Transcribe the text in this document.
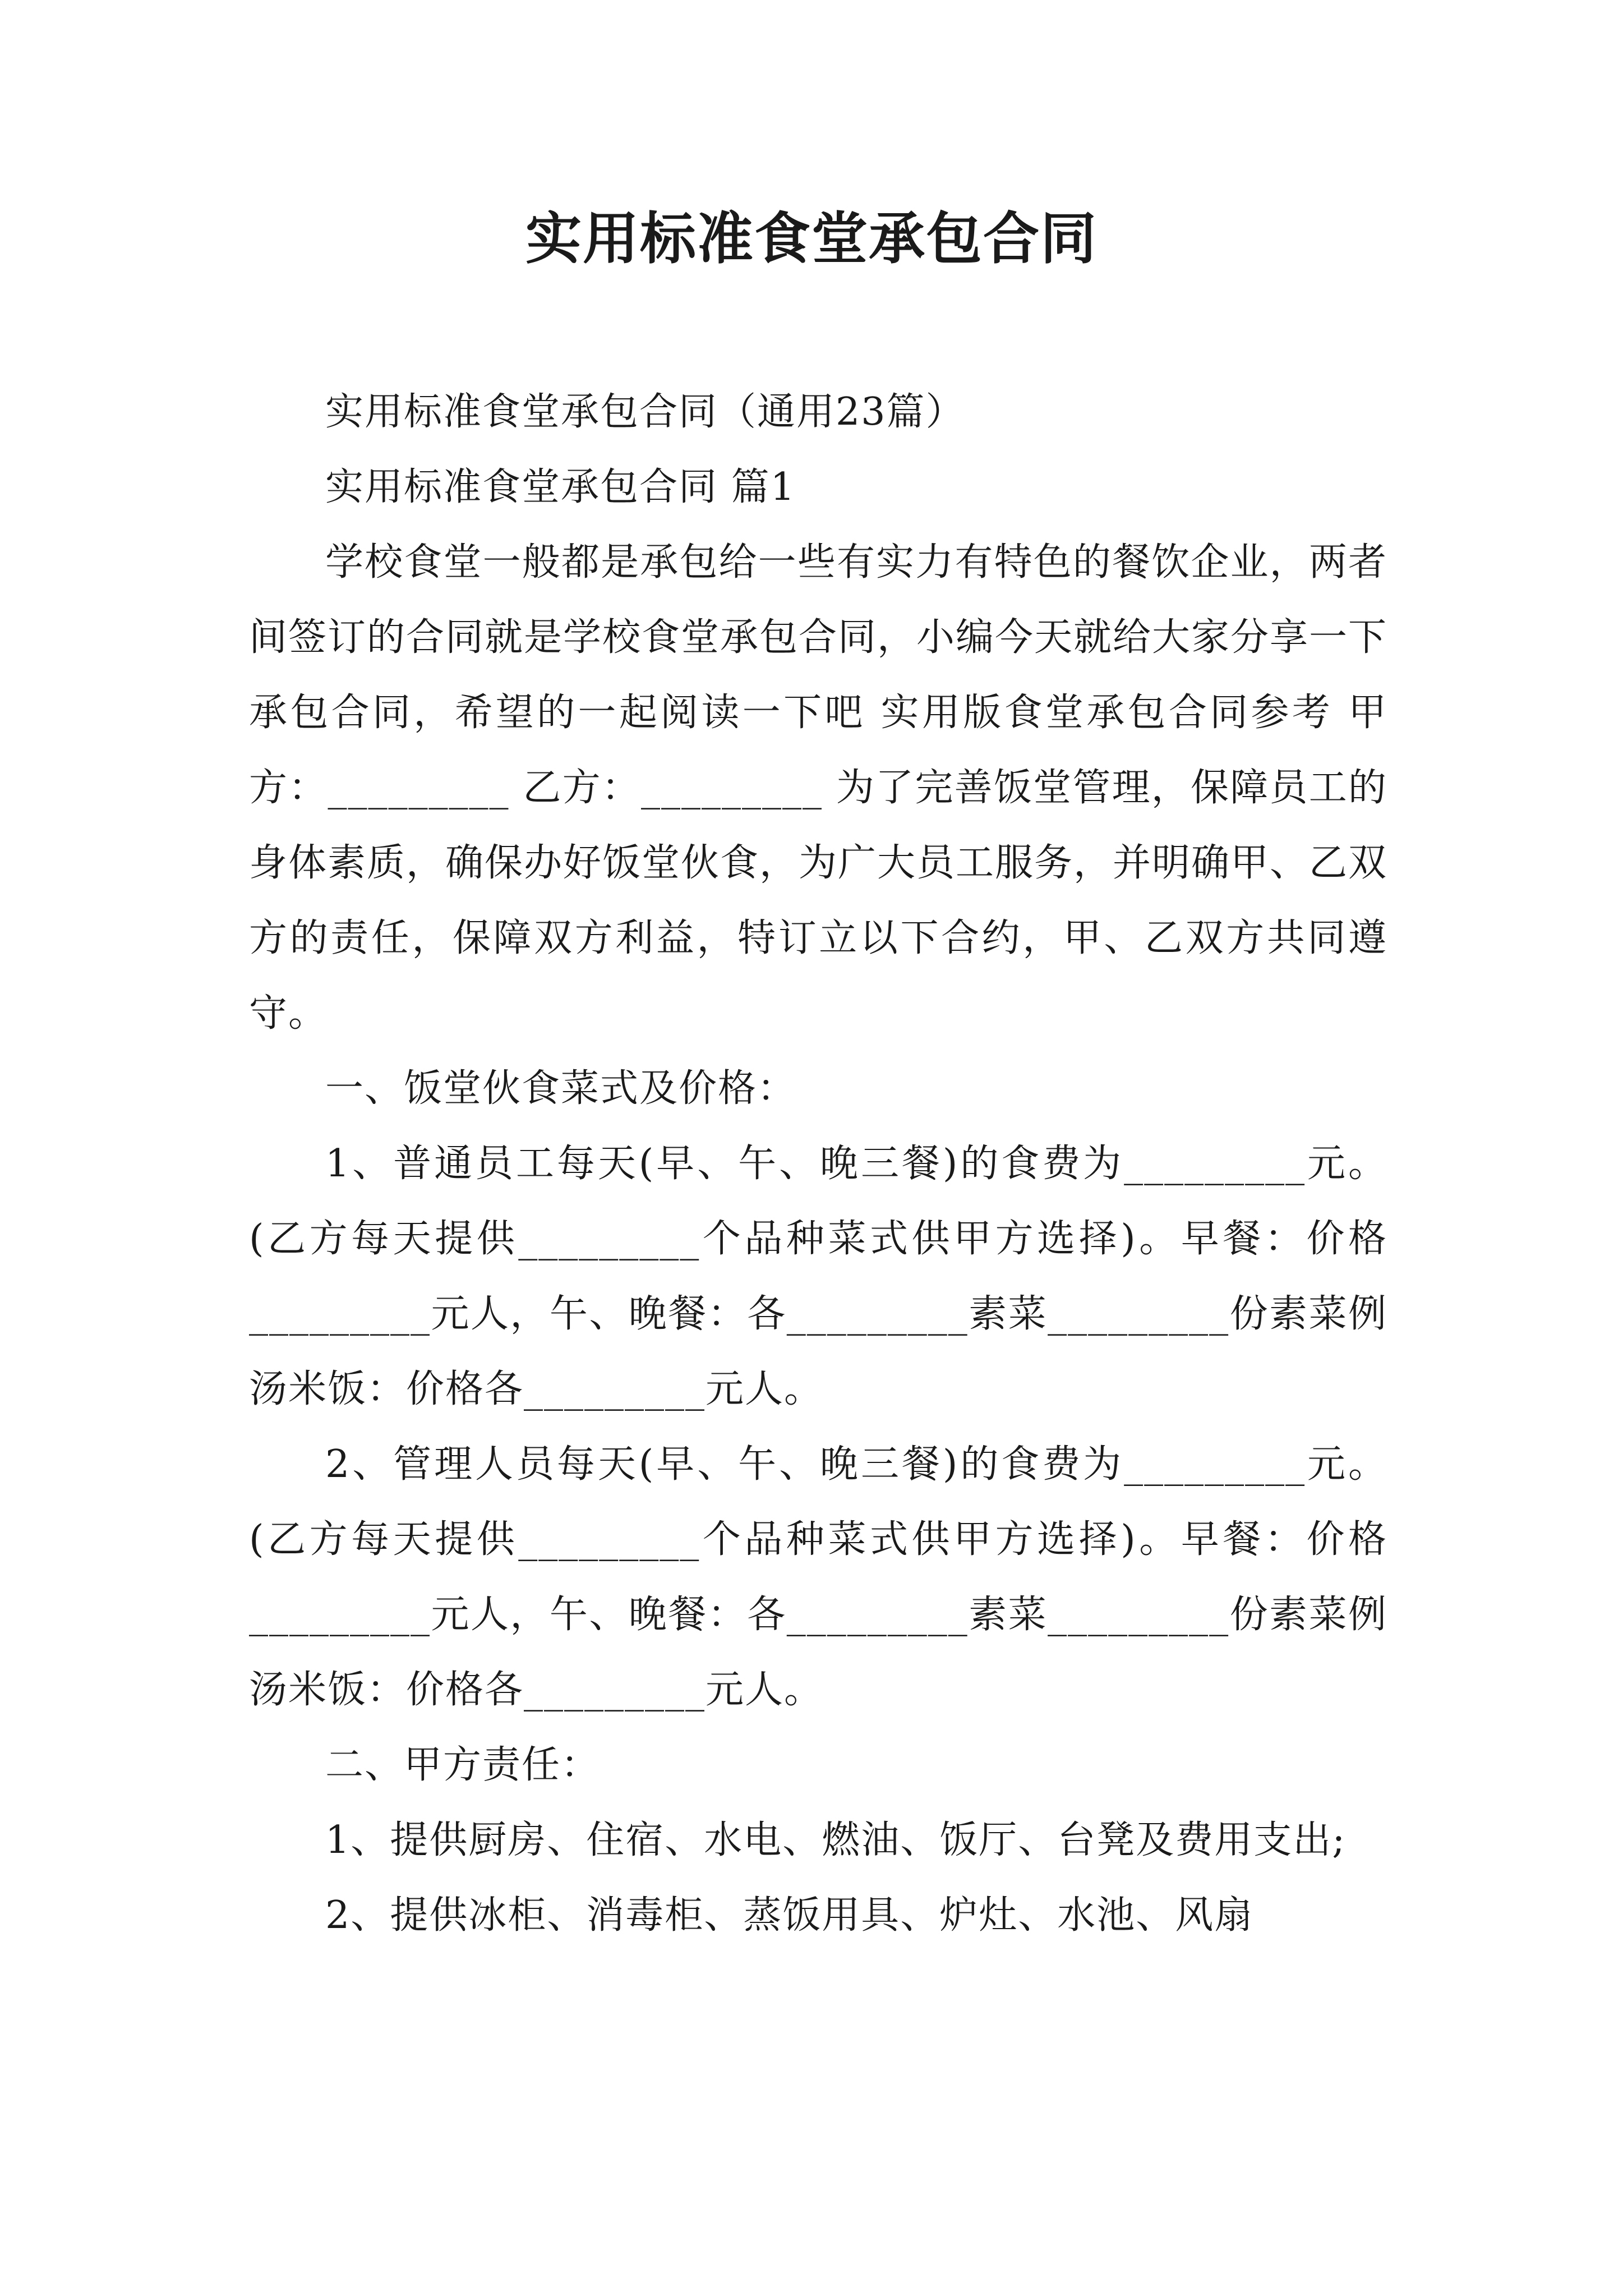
实用标准食堂承包合同

实用标准食堂承包合同（通用23篇）

实用标准食堂承包合同 篇1

学校食堂一般都是承包给一些有实力有特色的餐饮企业，两者间签订的合同就是学校食堂承包合同，小编今天就给大家分享一下承包合同，希望的一起阅读一下吧 实用版食堂承包合同参考 甲方：_________ 乙方：_________ 为了完善饭堂管理，保障员工的身体素质，确保办好饭堂伙食，为广大员工服务，并明确甲、乙双方的责任，保障双方利益，特订立以下合约，甲、乙双方共同遵守。

一、饭堂伙食菜式及价格：

1、普通员工每天(早、午、晚三餐)的食费为_________元。(乙方每天提供_________个品种菜式供甲方选择)。早餐：价格_________元人，午、晚餐：各_________素菜_________份素菜例汤米饭：价格各_________元人。

2、管理人员每天(早、午、晚三餐)的食费为_________元。(乙方每天提供_________个品种菜式供甲方选择)。早餐：价格_________元人，午、晚餐：各_________素菜_________份素菜例汤米饭：价格各_________元人。

二、甲方责任：

1、提供厨房、住宿、水电、燃油、饭厅、台凳及费用支出;

2、提供冰柜、消毒柜、蒸饭用具、炉灶、水池、风扇
